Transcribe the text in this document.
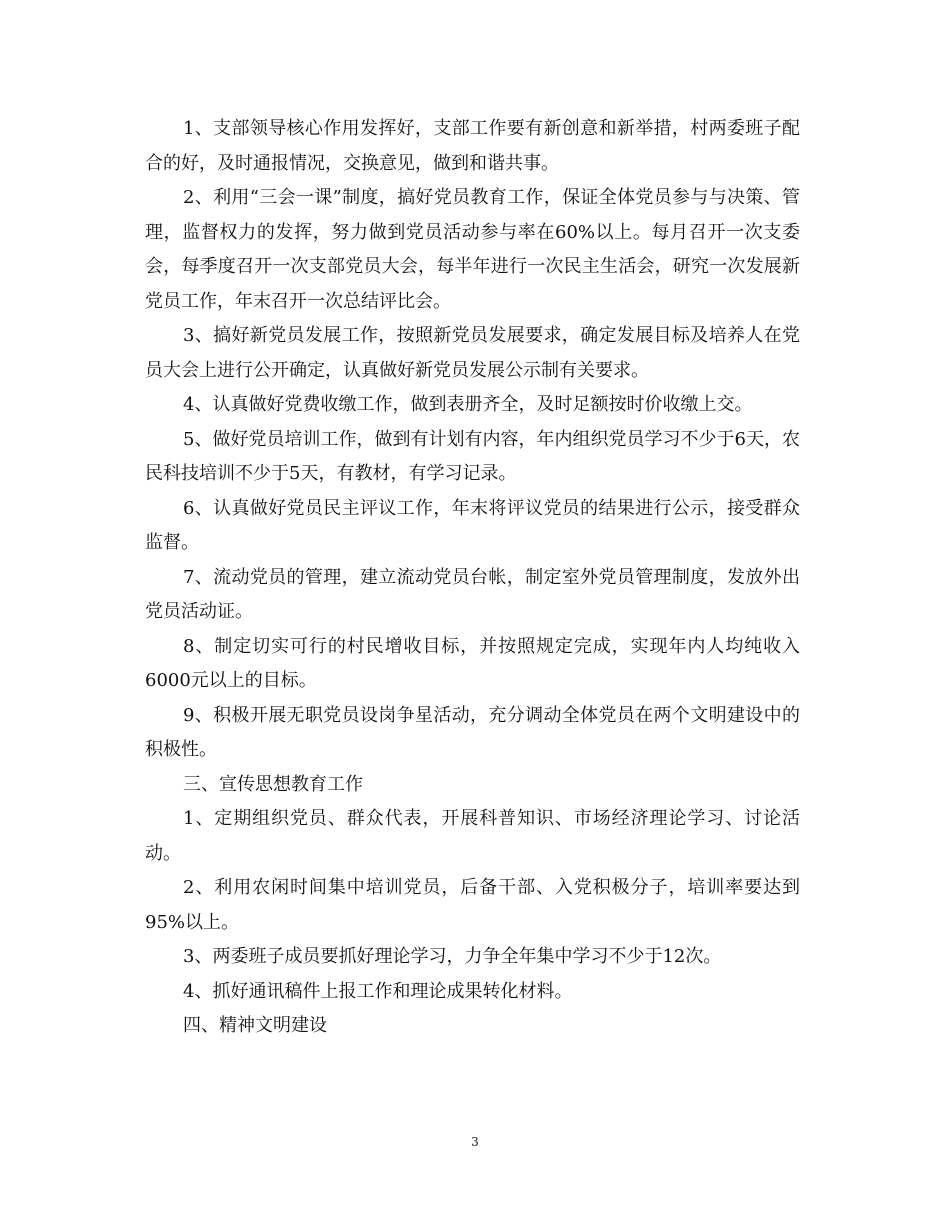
1、支部领导核心作用发挥好，支部工作要有新创意和新举措，村两委班子配合的好，及时通报情况，交换意见，做到和谐共事。

2、利用“三会一课”制度，搞好党员教育工作，保证全体党员参与与决策、管理，监督权力的发挥，努力做到党员活动参与率在60%以上。每月召开一次支委会，每季度召开一次支部党员大会，每半年进行一次民主生活会，研究一次发展新党员工作，年末召开一次总结评比会。

3、搞好新党员发展工作，按照新党员发展要求，确定发展目标及培养人在党员大会上进行公开确定，认真做好新党员发展公示制有关要求。

4、认真做好党费收缴工作，做到表册齐全，及时足额按时价收缴上交。

5、做好党员培训工作，做到有计划有内容，年内组织党员学习不少于6天，农民科技培训不少于5天，有教材，有学习记录。

6、认真做好党员民主评议工作，年末将评议党员的结果进行公示，接受群众监督。

7、流动党员的管理，建立流动党员台帐，制定室外党员管理制度，发放外出党员活动证。

8、制定切实可行的村民增收目标，并按照规定完成，实现年内人均纯收入6000元以上的目标。

9、积极开展无职党员设岗争星活动，充分调动全体党员在两个文明建设中的积极性。

三、宣传思想教育工作

1、定期组织党员、群众代表，开展科普知识、市场经济理论学习、讨论活动。

2、利用农闲时间集中培训党员，后备干部、入党积极分子，培训率要达到95%以上。

3、两委班子成员要抓好理论学习，力争全年集中学习不少于12次。

4、抓好通讯稿件上报工作和理论成果转化材料。

四、精神文明建设

3
